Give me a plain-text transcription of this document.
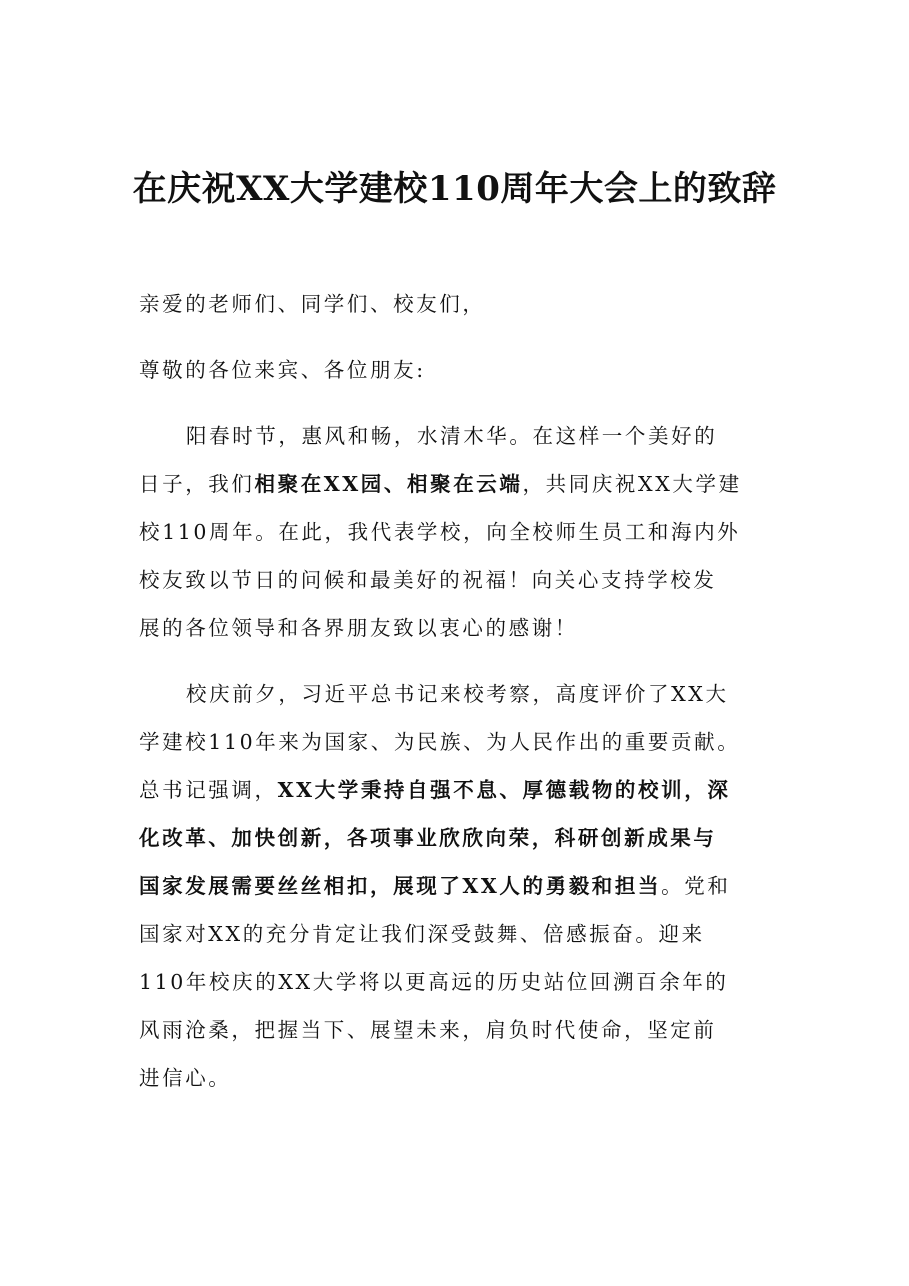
在庆祝XX大学建校110周年大会上的致辞

亲爱的老师们、同学们、校友们，

尊敬的各位来宾、各位朋友:

阳春时节，惠风和畅，水清木华。在这样一个美好的
日子，我们相聚在XX园、相聚在云端，共同庆祝XX大学建
校110周年。在此，我代表学校，向全校师生员工和海内外
校友致以节日的问候和最美好的祝福！向关心支持学校发
展的各位领导和各界朋友致以衷心的感谢！

校庆前夕，习近平总书记来校考察，高度评价了XX大
学建校110年来为国家、为民族、为人民作出的重要贡献。
总书记强调，XX大学秉持自强不息、厚德载物的校训，深
化改革、加快创新，各项事业欣欣向荣，科研创新成果与
国家发展需要丝丝相扣，展现了XX人的勇毅和担当。党和
国家对XX的充分肯定让我们深受鼓舞、倍感振奋。迎来
110年校庆的XX大学将以更高远的历史站位回溯百余年的
风雨沧桑，把握当下、展望未来，肩负时代使命，坚定前
进信心。
